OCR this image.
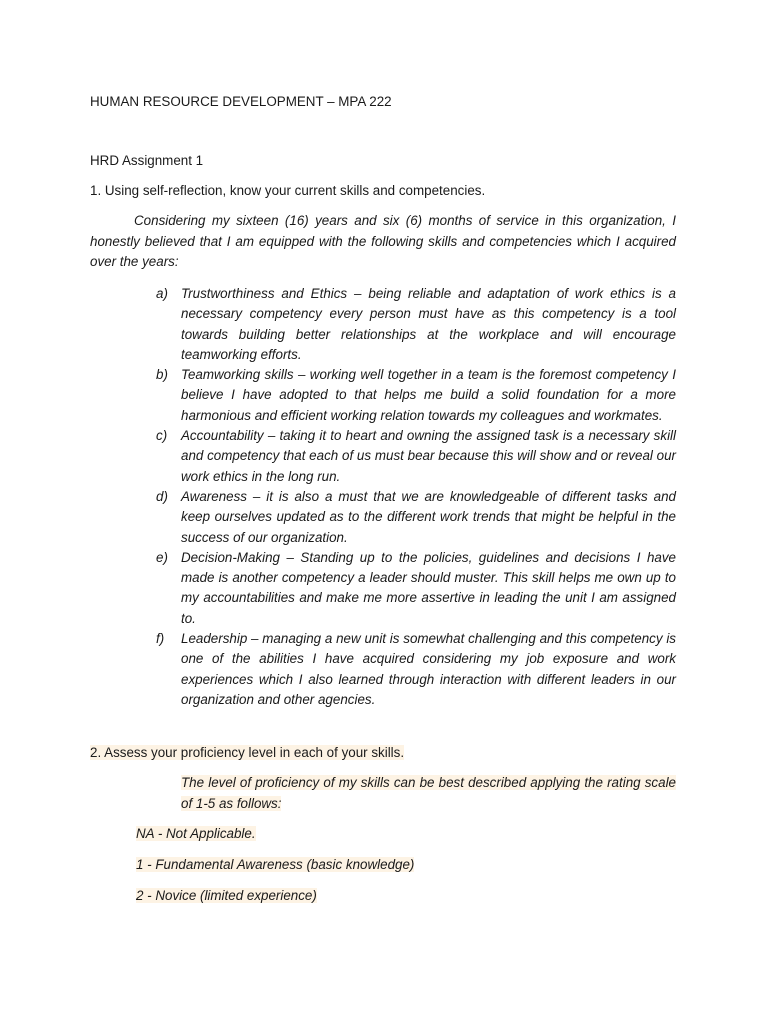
HUMAN RESOURCE DEVELOPMENT – MPA 222
HRD Assignment 1
1. Using self-reflection, know your current skills and competencies.
Considering my sixteen (16) years and six (6) months of service in this organization, I honestly believed that I am equipped with the following skills and competencies which I acquired over the years:
a) Trustworthiness and Ethics – being reliable and adaptation of work ethics is a necessary competency every person must have as this competency is a tool towards building better relationships at the workplace and will encourage teamworking efforts.
b) Teamworking skills – working well together in a team is the foremost competency I believe I have adopted to that helps me build a solid foundation for a more harmonious and efficient working relation towards my colleagues and workmates.
c) Accountability – taking it to heart and owning the assigned task is a necessary skill and competency that each of us must bear because this will show and or reveal our work ethics in the long run.
d) Awareness – it is also a must that we are knowledgeable of different tasks and keep ourselves updated as to the different work trends that might be helpful in the success of our organization.
e) Decision-Making – Standing up to the policies, guidelines and decisions I have made is another competency a leader should muster. This skill helps me own up to my accountabilities and make me more assertive in leading the unit I am assigned to.
f) Leadership – managing a new unit is somewhat challenging and this competency is one of the abilities I have acquired considering my job exposure and work experiences which I also learned through interaction with different leaders in our organization and other agencies.
2. Assess your proficiency level in each of your skills.
The level of proficiency of my skills can be best described applying the rating scale of 1-5 as follows:
NA - Not Applicable.
1 - Fundamental Awareness (basic knowledge)
2 - Novice (limited experience)
